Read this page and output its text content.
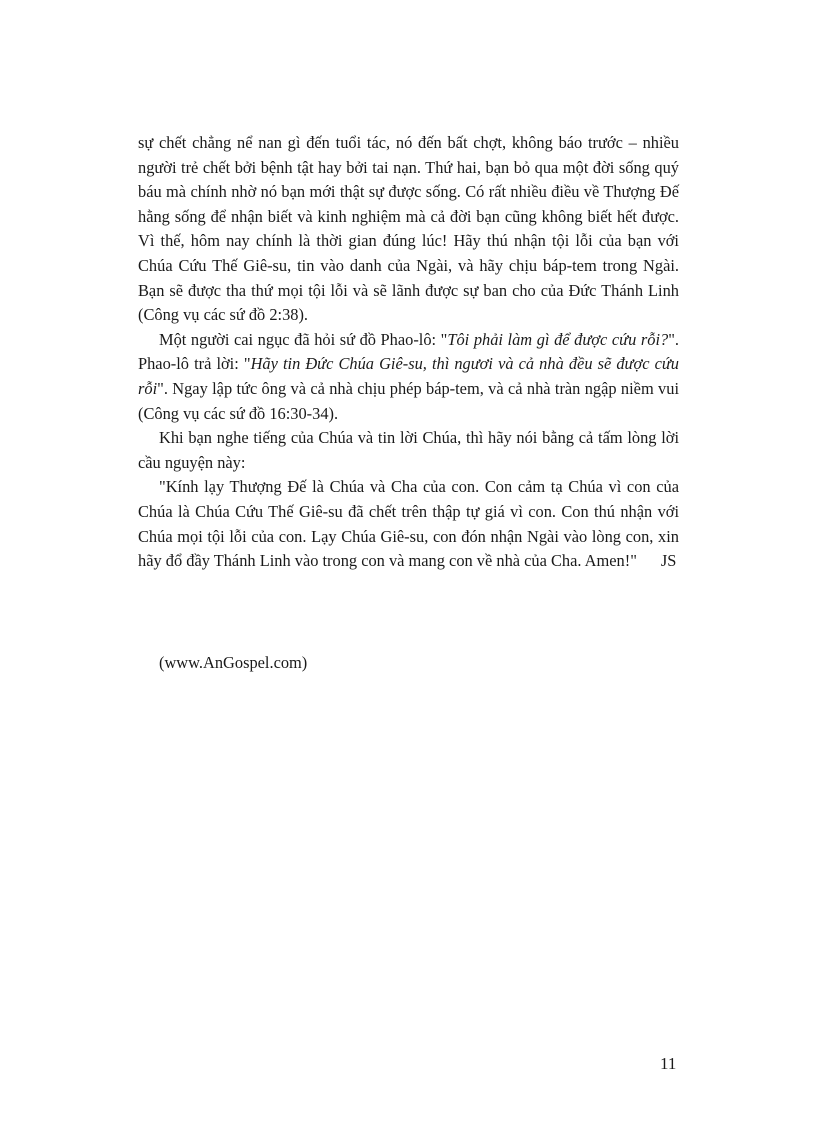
sự chết chẳng nể nan gì đến tuổi tác, nó đến bất chợt, không báo trước – nhiều người trẻ chết bởi bệnh tật hay bởi tai nạn. Thứ hai, bạn bỏ qua một đời sống quý báu mà chính nhờ nó bạn mới thật sự được sống. Có rất nhiều điều về Thượng Đế hằng sống để nhận biết và kinh nghiệm mà cả đời bạn cũng không biết hết được. Vì thế, hôm nay chính là thời gian đúng lúc! Hãy thú nhận tội lỗi của bạn với Chúa Cứu Thế Giê-su, tin vào danh của Ngài, và hãy chịu báp-tem trong Ngài. Bạn sẽ được tha thứ mọi tội lỗi và sẽ lãnh được sự ban cho của Đức Thánh Linh (Công vụ các sứ đồ 2:38).

Một người cai ngục đã hỏi sứ đồ Phao-lô: "Tôi phải làm gì để được cứu rỗi?". Phao-lô trả lời: "Hãy tin Đức Chúa Giê-su, thì ngươi và cả nhà đều sẽ được cứu rỗi". Ngay lập tức ông và cả nhà chịu phép báp-tem, và cả nhà tràn ngập niềm vui (Công vụ các sứ đồ 16:30-34).

Khi bạn nghe tiếng của Chúa và tin lời Chúa, thì hãy nói bằng cả tấm lòng lời cầu nguyện này:

"Kính lạy Thượng Đế là Chúa và Cha của con. Con cảm tạ Chúa vì con của Chúa là Chúa Cứu Thế Giê-su đã chết trên thập tự giá vì con. Con thú nhận với Chúa mọi tội lỗi của con. Lạy Chúa Giê-su, con đón nhận Ngài vào lòng con, xin hãy đổ đầy Thánh Linh vào trong con và mang con về nhà của Cha. Amen!" JS

(www.AnGospel.com)
11
